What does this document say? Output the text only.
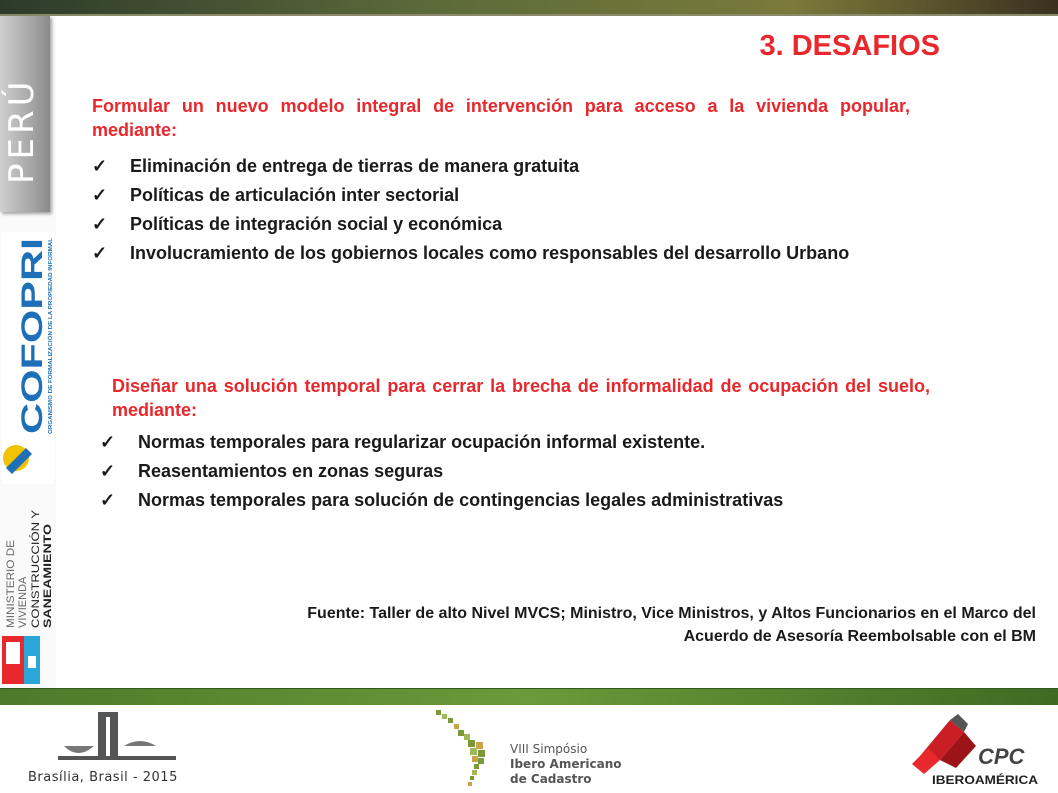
PERÚ
COFOPRI ORGANISMO DE FORMALIZACIÓN DE LA PROPIEDAD INFORMAL
MINISTERIO DE VIVIENDA CONSTRUCCIÓN Y SANEAMIENTO
3. DESAFIOS
Formular un nuevo modelo integral de intervención para acceso a la vivienda popular, mediante:
✓	Eliminación de entrega de tierras de manera gratuita
✓	Políticas de articulación inter sectorial
✓	Políticas de integración social y económica
✓	Involucramiento de los gobiernos locales como responsables del desarrollo Urbano
Diseñar una solución temporal para cerrar la brecha de informalidad de ocupación del suelo, mediante:
✓	Normas temporales para regularizar ocupación informal existente.
✓	Reasentamientos en zonas seguras
✓	Normas temporales para solución de contingencias legales administrativas
Fuente: Taller de alto Nivel MVCS; Ministro, Vice Ministros, y Altos Funcionarios en el Marco del
Acuerdo de Asesoría Reembolsable con el BM
Brasília, Brasil - 2015
VIII Simpósio
Ibero Americano
de Cadastro
CPC
IBEROAMÉRICA
